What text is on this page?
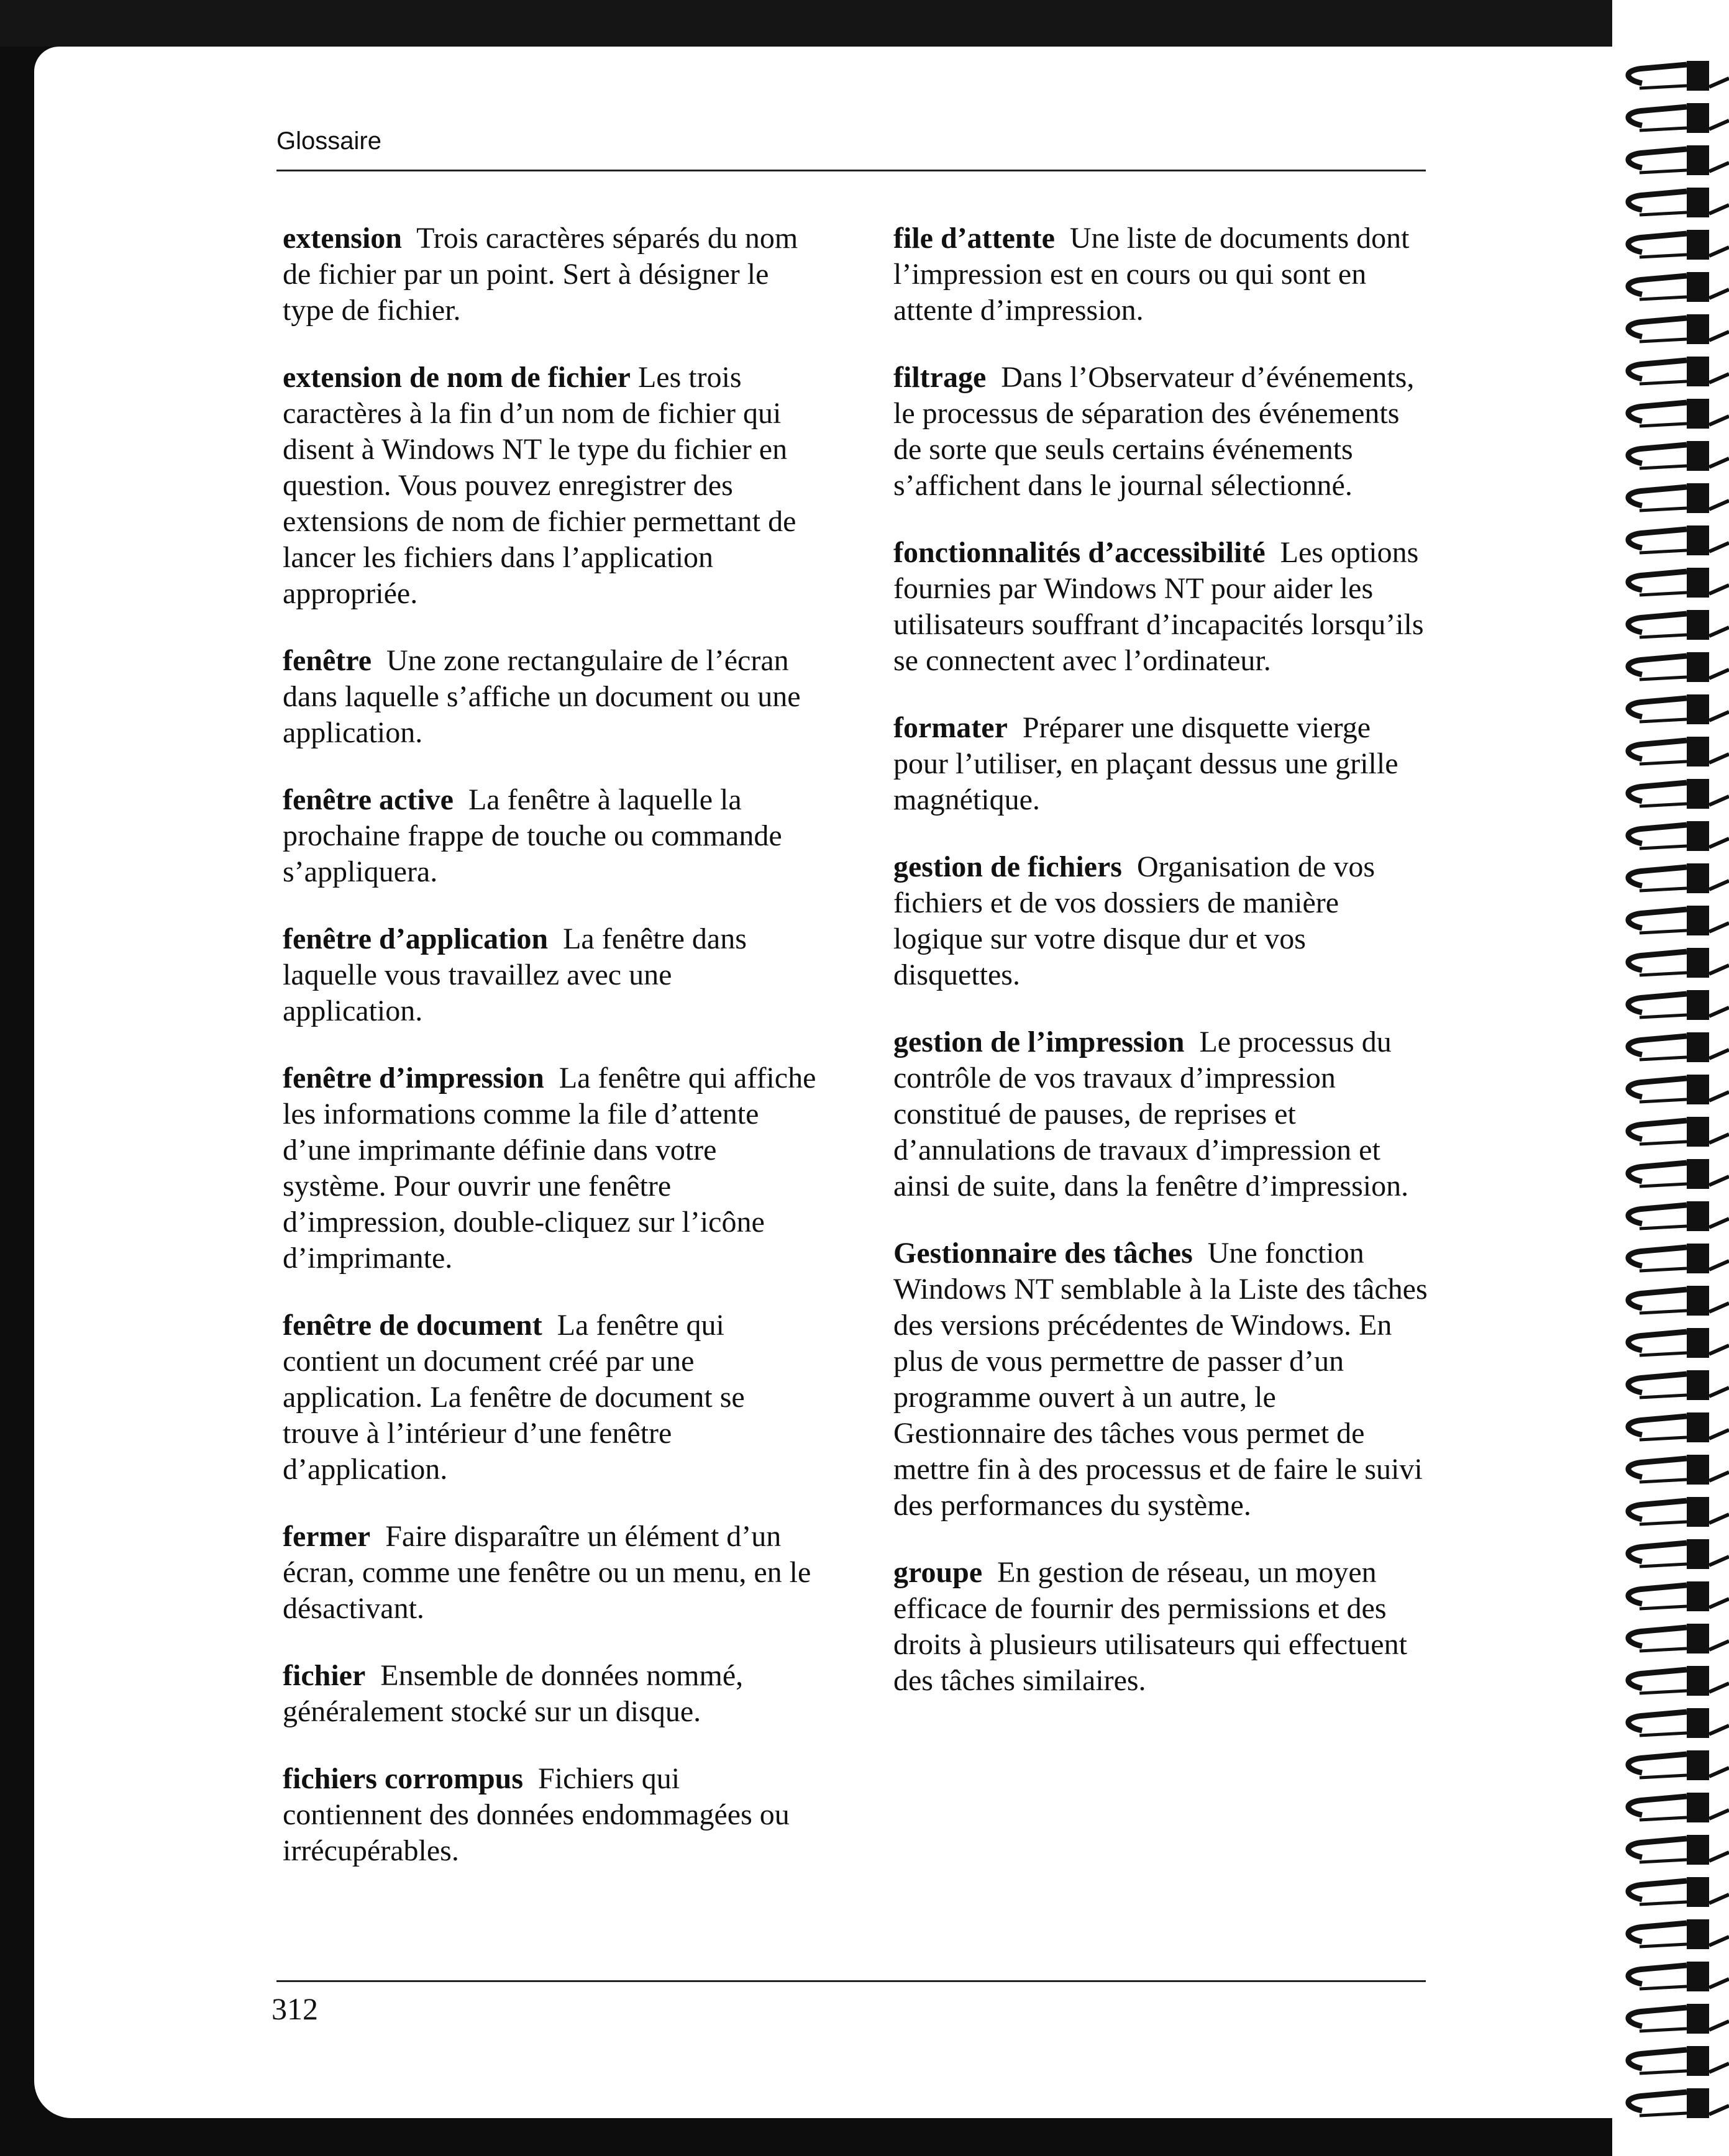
Glossaire

extension Trois caractères séparés du nom de fichier par un point. Sert à désigner le type de fichier.

extension de nom de fichier Les trois caractères à la fin d’un nom de fichier qui disent à Windows NT le type du fichier en question. Vous pouvez enregistrer des extensions de nom de fichier permettant de lancer les fichiers dans l’application appropriée.

fenêtre Une zone rectangulaire de l’écran dans laquelle s’affiche un document ou une application.

fenêtre active La fenêtre à laquelle la prochaine frappe de touche ou commande s’appliquera.

fenêtre d’application La fenêtre dans laquelle vous travaillez avec une application.

fenêtre d’impression La fenêtre qui affiche les informations comme la file d’attente d’une imprimante définie dans votre système. Pour ouvrir une fenêtre d’impression, double-cliquez sur l’icône d’imprimante.

fenêtre de document La fenêtre qui contient un document créé par une application. La fenêtre de document se trouve à l’intérieur d’une fenêtre d’application.

fermer Faire disparaître un élément d’un écran, comme une fenêtre ou un menu, en le désactivant.

fichier Ensemble de données nommé, généralement stocké sur un disque.

fichiers corrompus Fichiers qui contiennent des données endommagées ou irrécupérables.

file d’attente Une liste de documents dont l’impression est en cours ou qui sont en attente d’impression.

filtrage Dans l’Observateur d’événements, le processus de séparation des événements de sorte que seuls certains événements s’affichent dans le journal sélectionné.

fonctionnalités d’accessibilité Les options fournies par Windows NT pour aider les utilisateurs souffrant d’incapacités lorsqu’ils se connectent avec l’ordinateur.

formater Préparer une disquette vierge pour l’utiliser, en plaçant dessus une grille magnétique.

gestion de fichiers Organisation de vos fichiers et de vos dossiers de manière logique sur votre disque dur et vos disquettes.

gestion de l’impression Le processus du contrôle de vos travaux d’impression constitué de pauses, de reprises et d’annulations de travaux d’impression et ainsi de suite, dans la fenêtre d’impression.

Gestionnaire des tâches Une fonction Windows NT semblable à la Liste des tâches des versions précédentes de Windows. En plus de vous permettre de passer d’un programme ouvert à un autre, le Gestionnaire des tâches vous permet de mettre fin à des processus et de faire le suivi des performances du système.

groupe En gestion de réseau, un moyen efficace de fournir des permissions et des droits à plusieurs utilisateurs qui effectuent des tâches similaires.

312
